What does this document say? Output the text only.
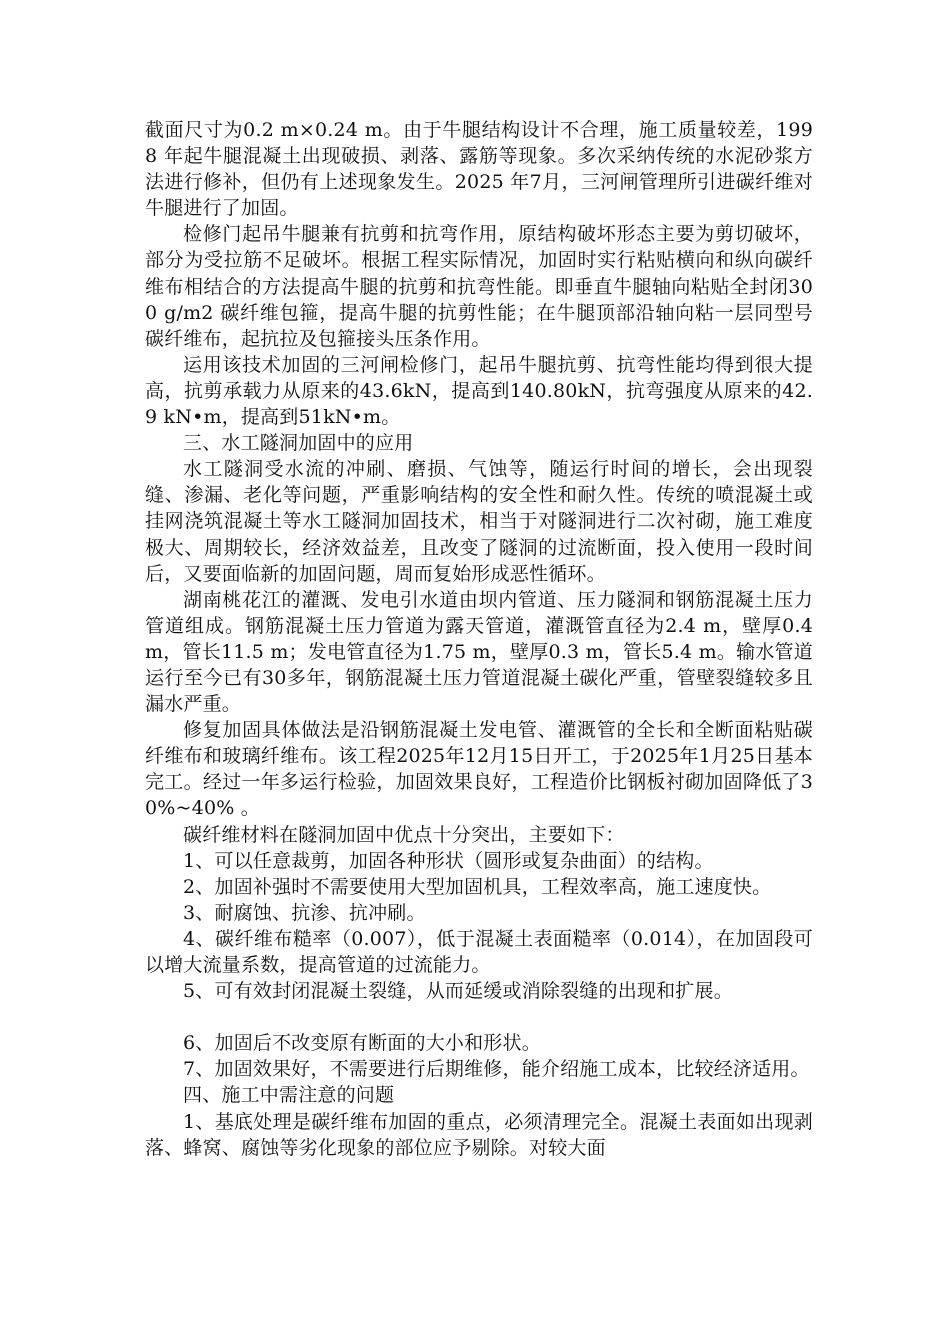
截面尺寸为0.2 m×0.24 m。由于牛腿结构设计不合理，施工质量较差，1998 年起牛腿混凝土出现破损、剥落、露筋等现象。多次采纳传统的水泥砂浆方法进行修补，但仍有上述现象发生。2025 年7月，三河闸管理所引进碳纤维对牛腿进行了加固。

检修门起吊牛腿兼有抗剪和抗弯作用，原结构破坏形态主要为剪切破坏，部分为受拉筋不足破坏。根据工程实际情况，加固时实行粘贴横向和纵向碳纤维布相结合的方法提高牛腿的抗剪和抗弯性能。即垂直牛腿轴向粘贴全封闭300 g/m2 碳纤维包箍，提高牛腿的抗剪性能；在牛腿顶部沿轴向粘一层同型号碳纤维布，起抗拉及包箍接头压条作用。

运用该技术加固的三河闸检修门，起吊牛腿抗剪、抗弯性能均得到很大提高，抗剪承载力从原来的43.6kN，提高到140.80kN，抗弯强度从原来的42.9 kN•m，提高到51kN•m。

三、水工隧洞加固中的应用

水工隧洞受水流的冲刷、磨损、气蚀等，随运行时间的增长，会出现裂缝、渗漏、老化等问题，严重影响结构的安全性和耐久性。传统的喷混凝土或挂网浇筑混凝土等水工隧洞加固技术，相当于对隧洞进行二次衬砌，施工难度极大、周期较长，经济效益差，且改变了隧洞的过流断面，投入使用一段时间后，又要面临新的加固问题，周而复始形成恶性循环。

湖南桃花江的灌溉、发电引水道由坝内管道、压力隧洞和钢筋混凝土压力管道组成。钢筋混凝土压力管道为露天管道，灌溉管直径为2.4 m，壁厚0.4 m，管长11.5 m；发电管直径为1.75 m，壁厚0.3 m，管长5.4 m。输水管道运行至今已有30多年，钢筋混凝土压力管道混凝土碳化严重，管壁裂缝较多且漏水严重。

修复加固具体做法是沿钢筋混凝土发电管、灌溉管的全长和全断面粘贴碳纤维布和玻璃纤维布。该工程2025年12月15日开工，于2025年1月25日基本完工。经过一年多运行检验，加固效果良好，工程造价比钢板衬砌加固降低了30%~40% 。

碳纤维材料在隧洞加固中优点十分突出，主要如下：

1、可以任意裁剪，加固各种形状（圆形或复杂曲面）的结构。

2、加固补强时不需要使用大型加固机具，工程效率高，施工速度快。

3、耐腐蚀、抗渗、抗冲刷。

4、碳纤维布糙率（0.007），低于混凝土表面糙率（0.014），在加固段可以增大流量系数，提高管道的过流能力。

5、可有效封闭混凝土裂缝，从而延缓或消除裂缝的出现和扩展。

6、加固后不改变原有断面的大小和形状。

7、加固效果好，不需要进行后期维修，能介绍施工成本，比较经济适用。

四、施工中需注意的问题

1、基底处理是碳纤维布加固的重点，必须清理完全。混凝土表面如出现剥落、蜂窝、腐蚀等劣化现象的部位应予剔除。对较大面
